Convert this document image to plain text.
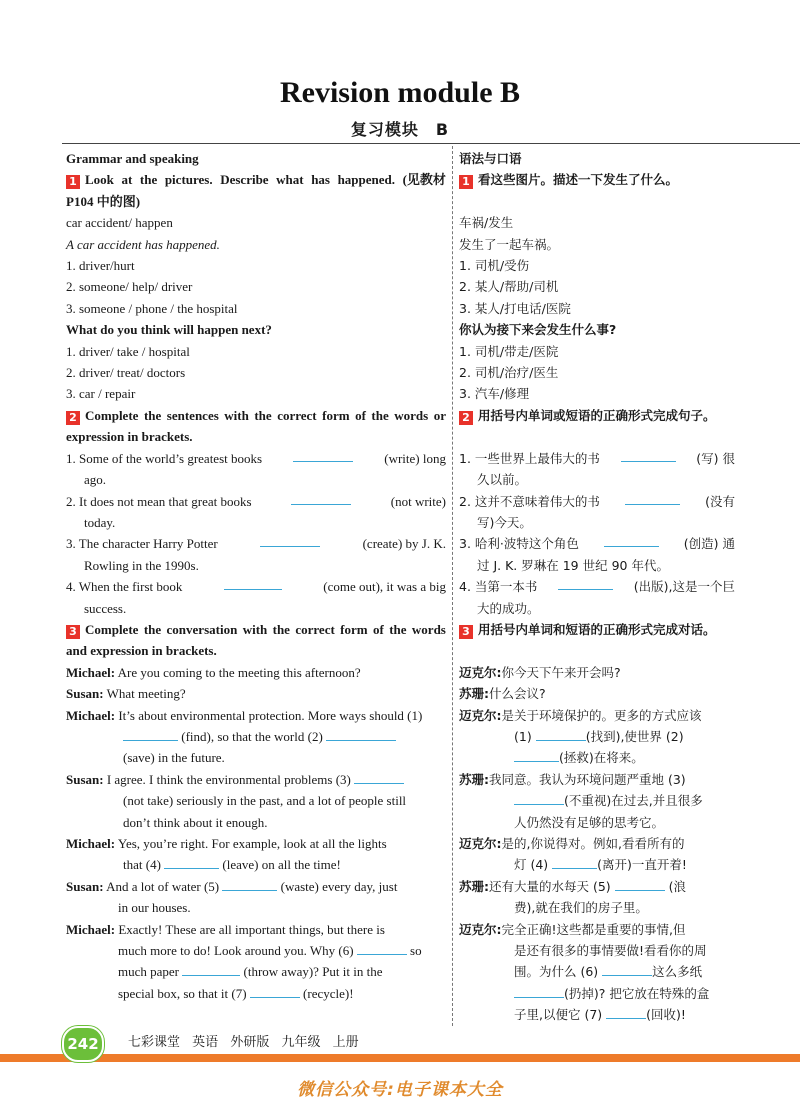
Revision module B
复习模块　B
Grammar and speaking
1 Look at the pictures. Describe what has happened. (见教材
P104 中的图)
car accident/ happen
A car accident has happened.
1. driver/hurt
2. someone/ help/ driver
3. someone / phone / the hospital
What do you think will happen next?
1. driver/ take / hospital
2. driver/ treat/ doctors
3. car / repair
2 Complete the sentences with the correct form of the words or
expression in brackets.
1. Some of the world’s greatest books	(write) long
ago.
2. It does not mean that great books	(not write)
today.
3. The character Harry Potter	(create) by J. K.
Rowling in the 1990s.
4. When the first book	(come out), it was a big
success.
3 Complete the conversation with the correct form of the words
and expression in brackets.
Michael: Are you coming to the meeting this afternoon?
Susan: What meeting?
Michael: It’s about environmental protection. More ways should (1)
(find), so that the world (2)
(save) in the future.
Susan: I agree. I think the environmental problems (3)
(not take) seriously in the past, and a lot of people still
don’t think about it enough.
Michael: Yes, you’re right. For example, look at all the lights
that (4)	(leave) on all the time!
Susan: And a lot of water (5)	(waste) every day, just
in our houses.
Michael: Exactly! These are all important things, but there is
much more to do! Look around you. Why (6)	so
much paper	(throw away)? Put it in the
special box, so that it (7)	(recycle)!
语法与口语
1 看这些图片。描述一下发生了什么。

车祸/发生
发生了一起车祸。
1. 司机/受伤
2. 某人/帮助/司机
3. 某人/打电话/医院
你认为接下来会发生什么事?
1. 司机/带走/医院
2. 司机/治疗/医生
3. 汽车/修理
2 用括号内单词或短语的正确形式完成句子。

1. 一些世界上最伟大的书	(写) 很
久以前。
2. 这并不意味着伟大的书	(没有
写)今天。
3. 哈利·波特这个角色	(创造) 通
过 J. K. 罗琳在 19 世纪 90 年代。
4. 当第一本书	(出版),这是一个巨
大的成功。
3 用括号内单词和短语的正确形式完成对话。

迈克尔:你今天下午来开会吗?
苏珊:什么会议?
迈克尔:是关于环境保护的。更多的方式应该
(1)	(找到),使世界 (2)
(拯救)在将来。
苏珊:我同意。我认为环境问题严重地 (3)
(不重视)在过去,并且很多
人仍然没有足够的思考它。
迈克尔:是的,你说得对。例如,看看所有的
灯 (4)	(离开)一直开着!
苏珊:还有大量的水每天 (5)	(浪
费),就在我们的房子里。
迈克尔:完全正确!这些都是重要的事情,但
是还有很多的事情要做!看看你的周
围。为什么 (6)	这么多纸
(扔掉)? 把它放在特殊的盒
子里,以便它 (7)	(回收)!
242	七彩课堂 英语 外研版 九年级 上册
微信公众号:电子课本大全
